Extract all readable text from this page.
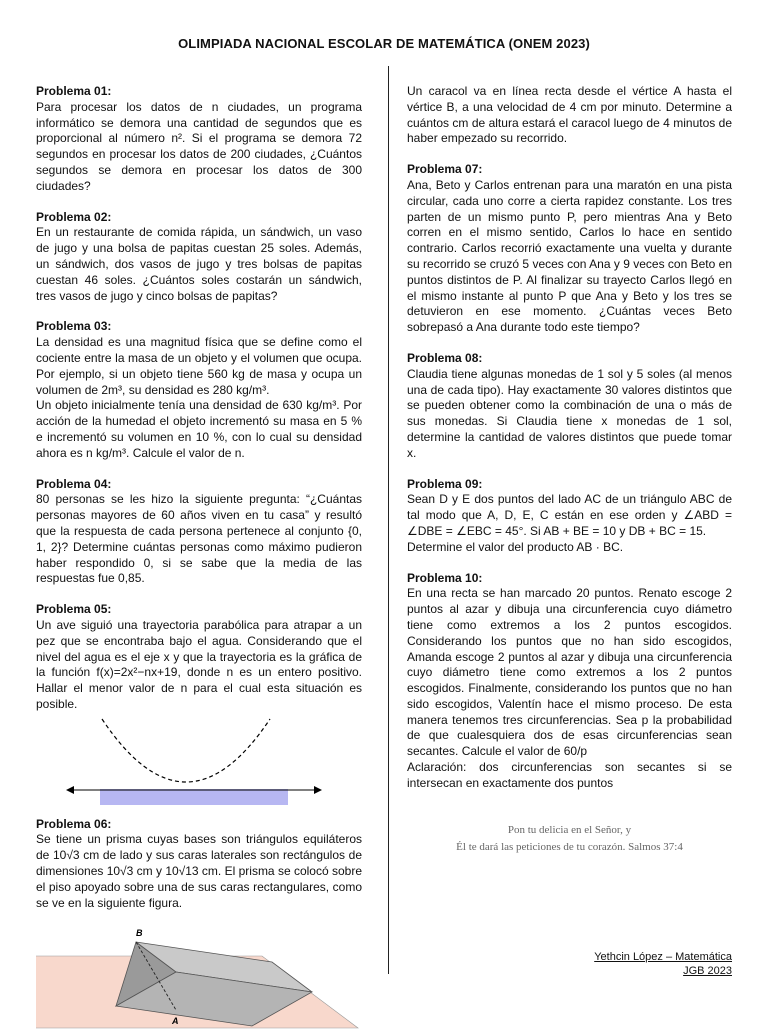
OLIMPIADA NACIONAL ESCOLAR DE MATEMÁTICA (ONEM 2023)
Problema 01:

Para procesar los datos de n ciudades, un programa informático se demora una cantidad de segundos que es proporcional al número n². Si el programa se demora 72 segundos en procesar los datos de 200 ciudades, ¿Cuántos segundos se demora en procesar los datos de 300 ciudades?

Problema 02:

En un restaurante de comida rápida, un sándwich, un vaso de jugo y una bolsa de papitas cuestan 25 soles. Además, un sándwich, dos vasos de jugo y tres bolsas de papitas cuestan 46 soles. ¿Cuántos soles costarán un sándwich, tres vasos de jugo y cinco bolsas de papitas?

Problema 03:

La densidad es una magnitud física que se define como el cociente entre la masa de un objeto y el volumen que ocupa. Por ejemplo, si un objeto tiene 560 kg de masa y ocupa un volumen de 2m³, su densidad es 280 kg/m³.

Un objeto inicialmente tenía una densidad de 630 kg/m³. Por acción de la humedad el objeto incrementó su masa en 5 % e incrementó su volumen en 10 %, con lo cual su densidad ahora es n kg/m³. Calcule el valor de n.

Problema 04:

80 personas se les hizo la siguiente pregunta: “¿Cuántas personas mayores de 60 años viven en tu casa” y resultó que la respuesta de cada persona pertenece al conjunto {0, 1, 2}? Determine cuántas personas como máximo pudieron haber respondido 0, si se sabe que la media de las respuestas fue 0,85.

Problema 05:

Un ave siguió una trayectoria parabólica para atrapar a un pez que se encontraba bajo el agua. Considerando que el nivel del agua es el eje x y que la trayectoria es la gráfica de la función f(x)=2x²−nx+19, donde n es un entero positivo. Hallar el menor valor de n para el cual esta situación es posible.

Problema 06:

Se tiene un prisma cuyas bases son triángulos equiláteros de 10√3 cm de lado y sus caras laterales son rectángulos de dimensiones 10√3 cm y 10√13 cm. El prisma se colocó sobre el piso apoyado sobre una de sus caras rectangulares, como se ve en la siguiente figura.

B
A

Un caracol va en línea recta desde el vértice A hasta el vértice B, a una velocidad de 4 cm por minuto. Determine a cuántos cm de altura estará el caracol luego de 4 minutos de haber empezado su recorrido.

Problema 07:

Ana, Beto y Carlos entrenan para una maratón en una pista circular, cada uno corre a cierta rapidez constante. Los tres parten de un mismo punto P, pero mientras Ana y Beto corren en el mismo sentido, Carlos lo hace en sentido contrario. Carlos recorrió exactamente una vuelta y durante su recorrido se cruzó 5 veces con Ana y 9 veces con Beto en puntos distintos de P. Al finalizar su trayecto Carlos llegó en el mismo instante al punto P que Ana y Beto y los tres se detuvieron en ese momento. ¿Cuántas veces Beto sobrepasó a Ana durante todo este tiempo?

Problema 08:

Claudia tiene algunas monedas de 1 sol y 5 soles (al menos una de cada tipo). Hay exactamente 30 valores distintos que se pueden obtener como la combinación de una o más de sus monedas. Si Claudia tiene x monedas de 1 sol, determine la cantidad de valores distintos que puede tomar x.

Problema 09:

Sean D y E dos puntos del lado AC de un triángulo ABC de tal modo que A, D, E, C están en ese orden y ∠ABD = ∠DBE = ∠EBC = 45°. Si AB + BE = 10 y DB + BC = 15.

Determine el valor del producto AB · BC.

Problema 10:

En una recta se han marcado 20 puntos. Renato escoge 2 puntos al azar y dibuja una circunferencia cuyo diámetro tiene como extremos a los 2 puntos escogidos. Considerando los puntos que no han sido escogidos, Amanda escoge 2 puntos al azar y dibuja una circunferencia cuyo diámetro tiene como extremos a los 2 puntos escogidos. Finalmente, considerando los puntos que no han sido escogidos, Valentín hace el mismo proceso. De esta manera tenemos tres circunferencias. Sea p la probabilidad de que cualesquiera dos de esas circunferencias sean secantes. Calcule el valor de 60/p

Aclaración: dos circunferencias son secantes si se intersecan en exactamente dos puntos

Pon tu delicia en el Señor, y
Él te dará las peticiones de tu corazón. Salmos 37:4
Yethcin López – Matemática
JGB 2023
